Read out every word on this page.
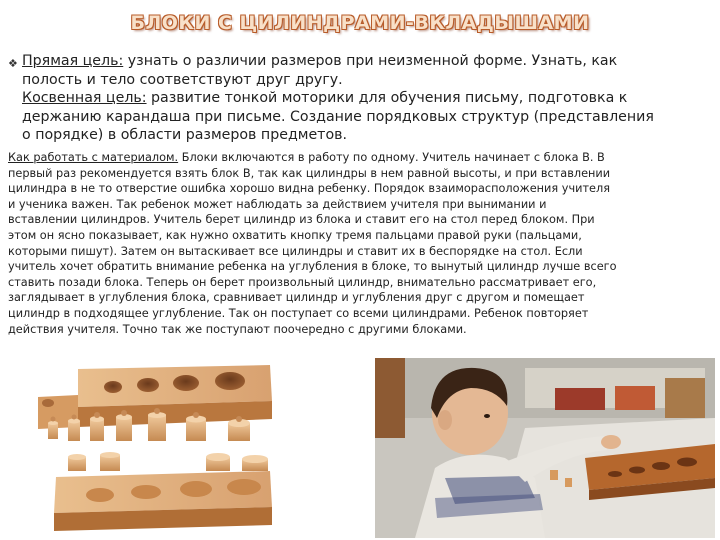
БЛОКИ С ЦИЛИНДРАМИ-ВКЛАДЫШАМИ
❖ Прямая цель: узнать о различии размеров при неизменной форме. Узнать, как
полость и тело соответствуют друг другу.
Косвенная цель: развитие тонкой моторики для обучения письму, подготовка к
держанию карандаша при письме. Создание порядковых структур (представления
о порядке) в области размеров предметов.
Как работать с материалом. Блоки включаются в работу по одному. Учитель начинает с блока В. В
первый раз рекомендуется взять блок В, так как цилиндры в нем равной высоты, и при вставлении
цилиндра в не то отверстие ошибка хорошо видна ребенку. Порядок взаиморасположения учителя
и ученика важен. Так ребенок может наблюдать за действием учителя при вынимании и
вставлении цилиндров. Учитель берет цилиндр из блока и ставит его на стол перед блоком. При
этом он ясно показывает, как нужно охватить кнопку тремя пальцами правой руки (пальцами,
которыми пишут). Затем он вытаскивает все цилиндры и ставит их в беспорядке на стол. Если
учитель хочет обратить внимание ребенка на углубления в блоке, то вынутый цилиндр лучше всего
ставить позади блока. Теперь он берет произвольный цилиндр, внимательно рассматривает его,
заглядывает в углубления блока, сравнивает цилиндр и углубления друг с другом и помещает
цилиндр в подходящее углубление. Так он поступает со всеми цилиндрами. Ребенок повторяет
действия учителя. Точно так же поступают поочередно с другими блоками.
